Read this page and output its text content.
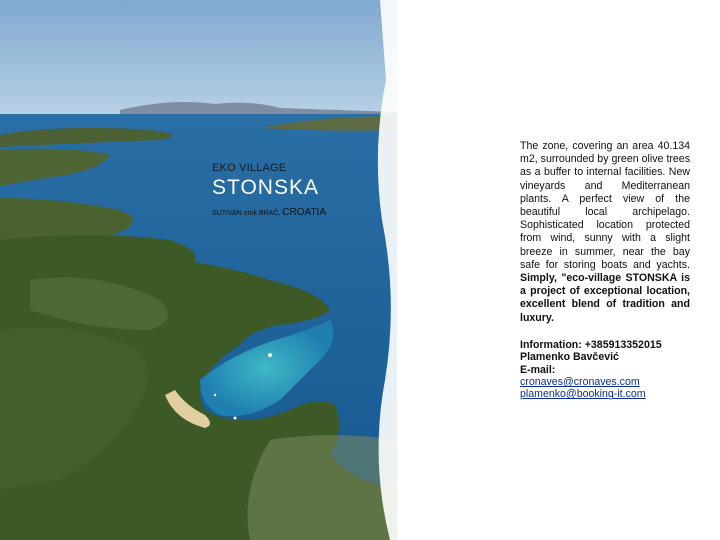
EKO VILLAGE
STONSKA
SUTIVAN otok BRAČ, CROATIA

The zone, covering an area 40.134 m2, surrounded by green olive trees as a buffer to internal facilities. New vineyards and Mediterranean plants. A perfect view of the beautiful local archipelago. Sophisticated location protected from wind, sunny with a slight breeze in summer, near the bay safe for storing boats and yachts. Simply, "eco-village STONSKA is a project of exceptional location, excellent blend of tradition and luxury.

Information: +385913352015
Plamenko Bavčević
E-mail:
cronaves@cronaves.com
plamenko@booking-it.com
